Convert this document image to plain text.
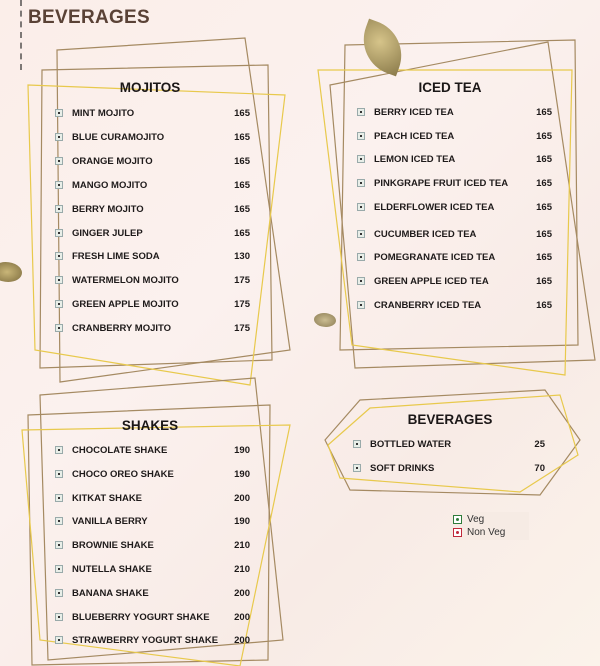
BEVERAGES
MOJITOS
MINT MOJITO	165
BLUE CURAMOJITO	165
ORANGE MOJITO	165
MANGO MOJITO	165
BERRY MOJITO	165
GINGER JULEP	165
FRESH LIME SODA	130
WATERMELON MOJITO	175
GREEN APPLE MOJITO	175
CRANBERRY MOJITO	175
ICED TEA
BERRY ICED TEA	165
PEACH ICED TEA	165
LEMON ICED TEA	165
PINKGRAPE FRUIT ICED TEA	165
ELDERFLOWER ICED TEA	165
CUCUMBER ICED TEA	165
POMEGRANATE ICED TEA	165
GREEN APPLE ICED TEA	165
CRANBERRY ICED TEA	165
SHAKES
CHOCOLATE SHAKE	190
CHOCO OREO SHAKE	190
KITKAT SHAKE	200
VANILLA BERRY	190
BROWNIE SHAKE	210
NUTELLA SHAKE	210
BANANA SHAKE	200
BLUEBERRY YOGURT SHAKE	200
STRAWBERRY YOGURT SHAKE	200
BEVERAGES
BOTTLED WATER	25
SOFT DRINKS	70
Veg
Non Veg
